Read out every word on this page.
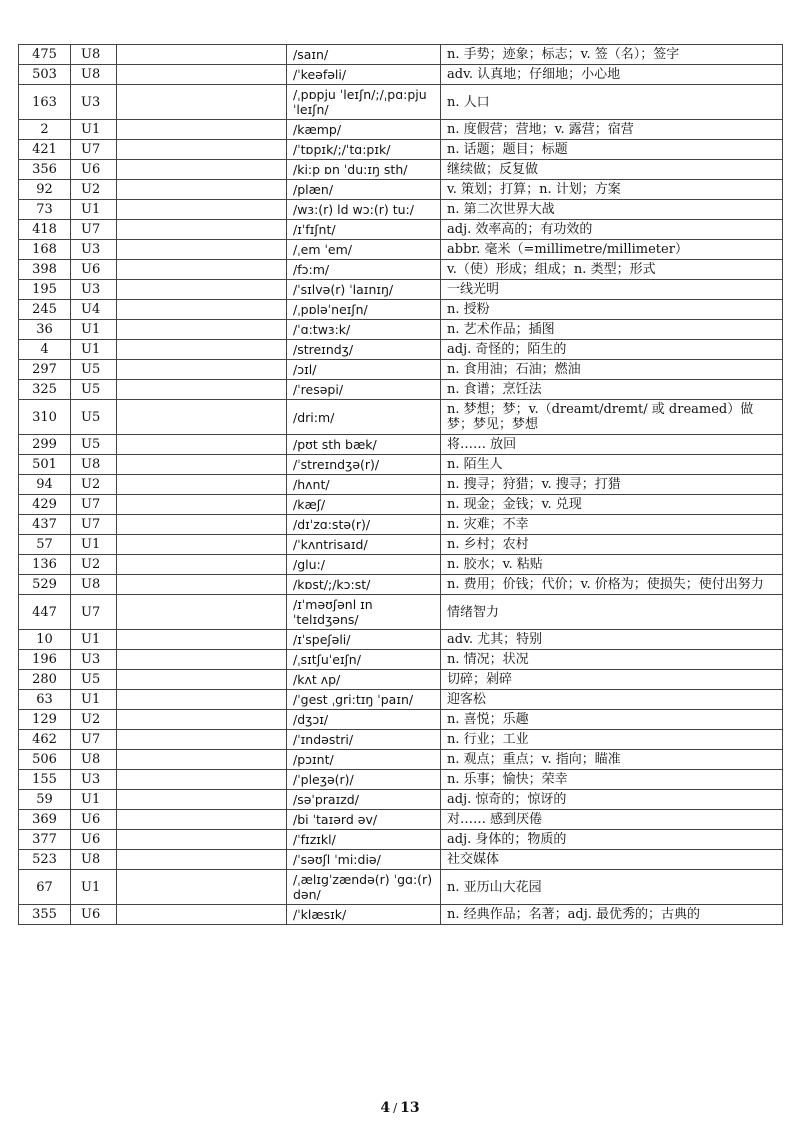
475	U8		/saɪn/	n. 手势；迹象；标志；v. 签（名）；签字
503	U8		/ˈkeəfəli/	adv. 认真地；仔细地；小心地
163	U3		/ˌpɒpju ˈleɪʃn/;/ˌpɑ:pju ˈleɪʃn/	n. 人口
2	U1		/kæmp/	n. 度假营；营地；v. 露营；宿营
421	U7		/ˈtɒpɪk/;/ˈtɑ:pɪk/	n. 话题；题目；标题
356	U6		/ki:p ɒn ˈdu:ɪŋ sth/	继续做；反复做
92	U2		/plæn/	v. 策划；打算；n. 计划；方案
73	U1		/wɜ:(r) ld wɔ:(r) tu:/	n. 第二次世界大战
418	U7		/ɪˈfɪʃnt/	adj. 效率高的；有功效的
168	U3		/ˌem ˈem/	abbr. 毫米（=millimetre/millimeter）
398	U6		/fɔ:m/	v.（使）形成；组成；n. 类型；形式
195	U3		/ˈsɪlvə(r) ˈlaɪnɪŋ/	一线光明
245	U4		/ˌpɒləˈneɪʃn/	n. 授粉
36	U1		/ˈɑ:twɜ:k/	n. 艺术作品；插图
4	U1		/streɪndʒ/	adj. 奇怪的；陌生的
297	U5		/ɔɪl/	n. 食用油；石油；燃油
325	U5		/ˈresəpi/	n. 食谱；烹饪法
310	U5		/dri:m/	n. 梦想；梦；v.（dreamt/dremt/ 或 dreamed）做梦；梦见；梦想
299	U5		/pʊt sth bæk/	将…… 放回
501	U8		/ˈstreɪndʒə(r)/	n. 陌生人
94	U2		/hʌnt/	n. 搜寻；狩猎；v. 搜寻；打猎
429	U7		/kæʃ/	n. 现金；金钱；v. 兑现
437	U7		/dɪˈzɑ:stə(r)/	n. 灾难；不幸
57	U1		/ˈkʌntrisaɪd/	n. 乡村；农村
136	U2		/glu:/	n. 胶水；v. 粘贴
529	U8		/kɒst/;/kɔ:st/	n. 费用；价钱；代价；v. 价格为；使损失；使付出努力
447	U7		/ɪˈməʊʃənl ɪn ˈtelɪdʒəns/	情绪智力
10	U1		/ɪˈspeʃəli/	adv. 尤其；特别
196	U3		/ˌsɪtʃuˈeɪʃn/	n. 情况；状况
280	U5		/kʌt ʌp/	切碎；剁碎
63	U1		/ˈgest ˌgri:tɪŋ ˈpaɪn/	迎客松
129	U2		/dʒɔɪ/	n. 喜悦；乐趣
462	U7		/ˈɪndəstri/	n. 行业；工业
506	U8		/pɔɪnt/	n. 观点；重点；v. 指向；瞄准
155	U3		/ˈpleʒə(r)/	n. 乐事；愉快；荣幸
59	U1		/səˈpraɪzd/	adj. 惊奇的；惊讶的
369	U6		/bi ˈtaɪərd əv/	对…… 感到厌倦
377	U6		/ˈfɪzɪkl/	adj. 身体的；物质的
523	U8		/ˈsəʊʃl ˈmi:diə/	社交媒体
67	U1		/ˌælɪgˈzændə(r) ˈgɑ:(r) dən/	n. 亚历山大花园
355	U6		/ˈklæsɪk/	n. 经典作品；名著；adj. 最优秀的；古典的
4 / 13
